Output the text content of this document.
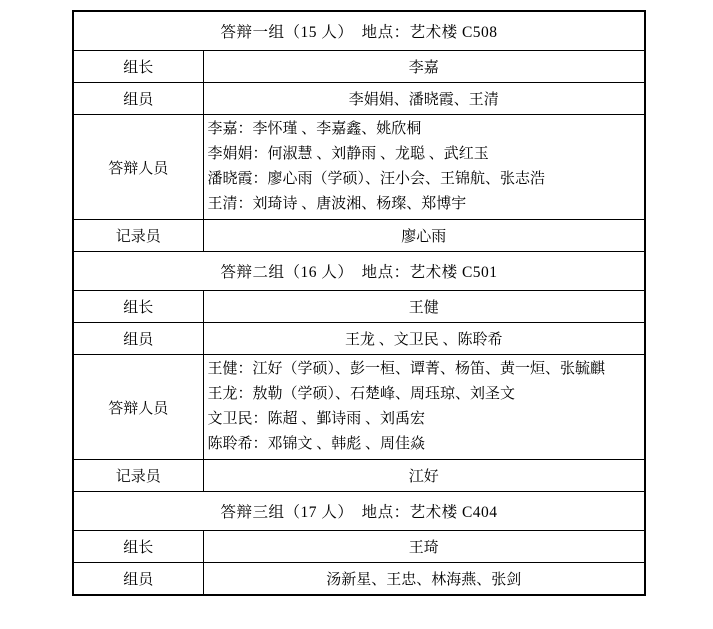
答辩一组（15 人）　地点：艺术楼 C508	
组长	李嘉
组员	李娟娟、潘晓霞、王清
答辩人员	李嘉：李怀瑾 、李嘉鑫、姚欣桐
李娟娟：何淑慧 、刘静雨 、龙聪 、武红玉
潘晓霞：廖心雨（学硕）、汪小会、王锦航、张志浩
王清：刘琦诗 、唐波湘、杨璨、郑博宇

记录员	廖心雨
答辩二组（16 人）　地点：艺术楼 C501	
组长	王健
组员	王龙 、文卫民 、陈聆希
答辩人员	王健：江好（学硕）、彭一桓、谭菁、杨笛、黄一烜、张毓麒
王龙：敖勒（学硕）、石楚峰、周珏琼、刘圣文
文卫民：陈超 、鄞诗雨 、刘禹宏
陈聆希：邓锦文 、韩彪 、周佳焱

记录员	江好
答辩三组（17 人）　地点：艺术楼 C404	
组长	王琦
组员	汤新星、王忠、林海燕、张剑
